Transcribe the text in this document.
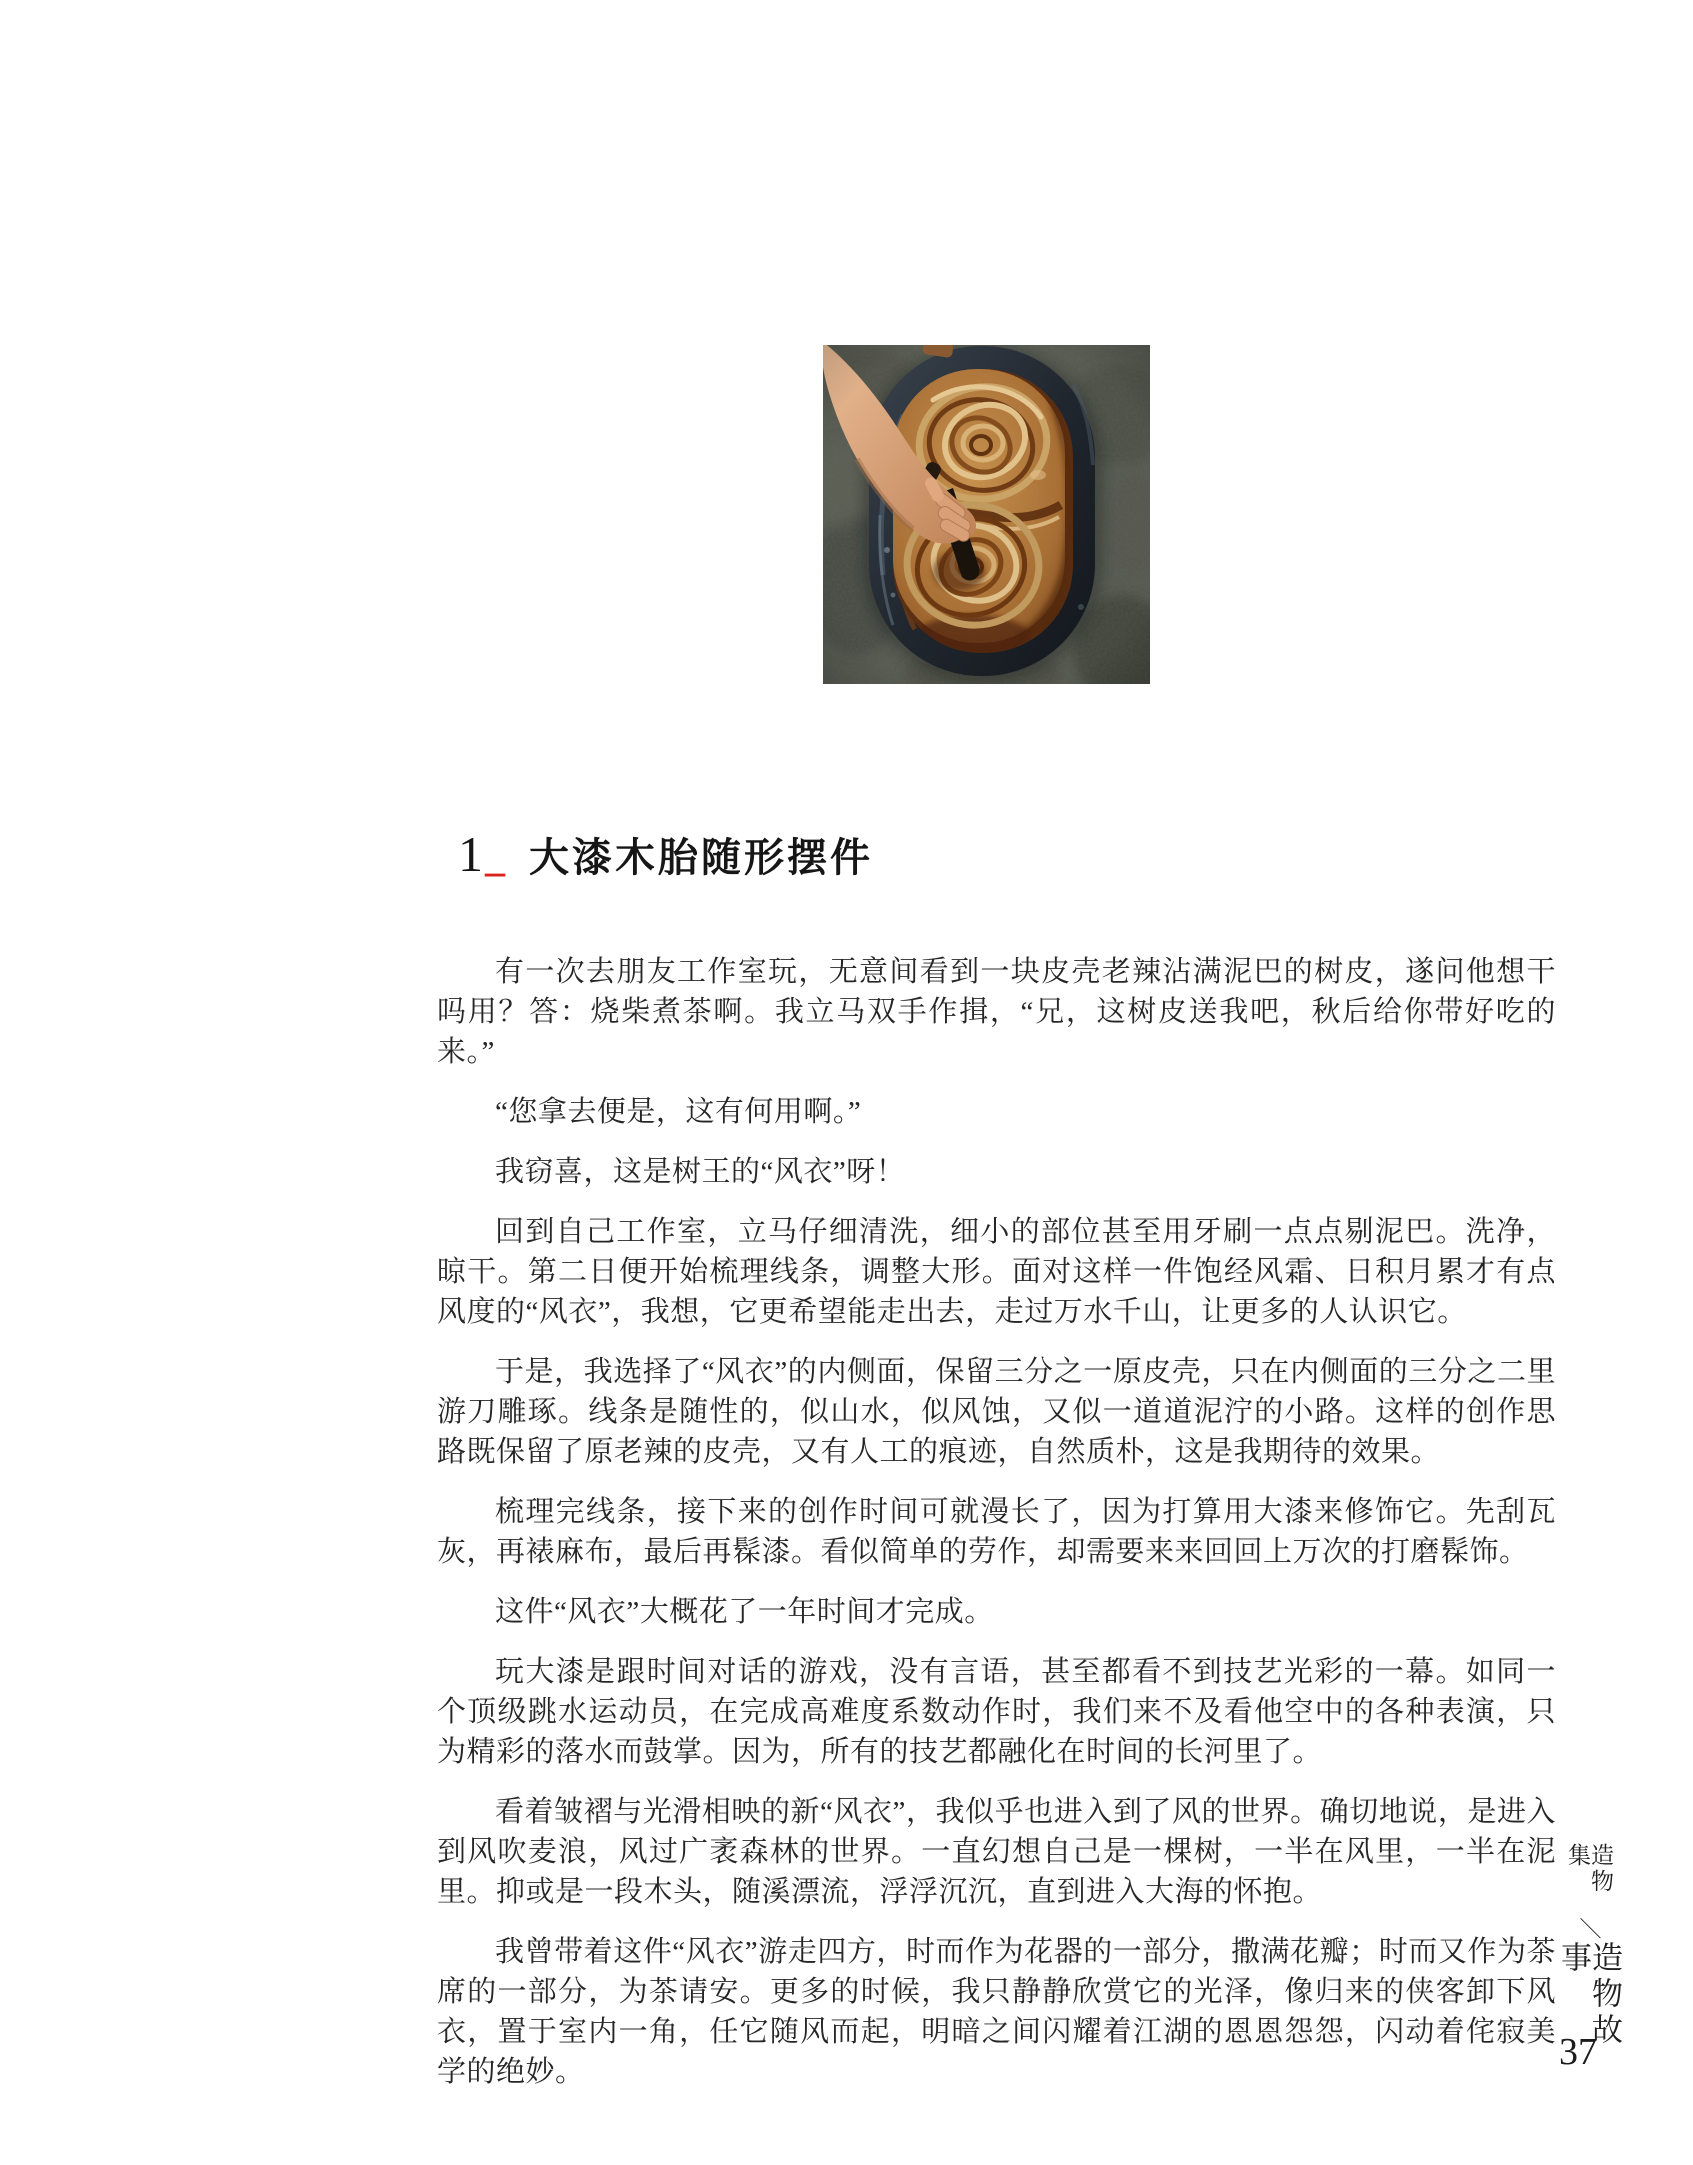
1 _ 大漆木胎随形摆件

有一次去朋友工作室玩，无意间看到一块皮壳老辣沾满泥巴的树皮，遂问他想干吗用？答：烧柴煮茶啊。我立马双手作揖，“兄，这树皮送我吧，秋后给你带好吃的来。”

“您拿去便是，这有何用啊。”

我窃喜，这是树王的“风衣”呀！

回到自己工作室，立马仔细清洗，细小的部位甚至用牙刷一点点剔泥巴。洗净，晾干。第二日便开始梳理线条，调整大形。面对这样一件饱经风霜、日积月累才有点风度的“风衣”，我想，它更希望能走出去，走过万水千山，让更多的人认识它。

于是，我选择了“风衣”的内侧面，保留三分之一原皮壳，只在内侧面的三分之二里游刀雕琢。线条是随性的，似山水，似风蚀，又似一道道泥泞的小路。这样的创作思路既保留了原老辣的皮壳，又有人工的痕迹，自然质朴，这是我期待的效果。

梳理完线条，接下来的创作时间可就漫长了，因为打算用大漆来修饰它。先刮瓦灰，再裱麻布，最后再髹漆。看似简单的劳作，却需要来来回回上万次的打磨髹饰。

这件“风衣”大概花了一年时间才完成。

玩大漆是跟时间对话的游戏，没有言语，甚至都看不到技艺光彩的一幕。如同一个顶级跳水运动员，在完成高难度系数动作时，我们来不及看他空中的各种表演，只为精彩的落水而鼓掌。因为，所有的技艺都融化在时间的长河里了。

看着皱褶与光滑相映的新“风衣”，我似乎也进入到了风的世界。确切地说，是进入到风吹麦浪，风过广袤森林的世界。一直幻想自己是一棵树，一半在风里，一半在泥里。抑或是一段木头，随溪漂流，浮浮沉沉，直到进入大海的怀抱。

我曾带着这件“风衣”游走四方，时而作为花器的一部分，撒满花瓣；时而又作为茶席的一部分，为茶请安。更多的时候，我只静静欣赏它的光泽，像归来的侠客卸下风衣，置于室内一角，任它随风而起，明暗之间闪耀着江湖的恩恩怨怨，闪动着侘寂美学的绝妙。

造物集
＼
造物故事
37
